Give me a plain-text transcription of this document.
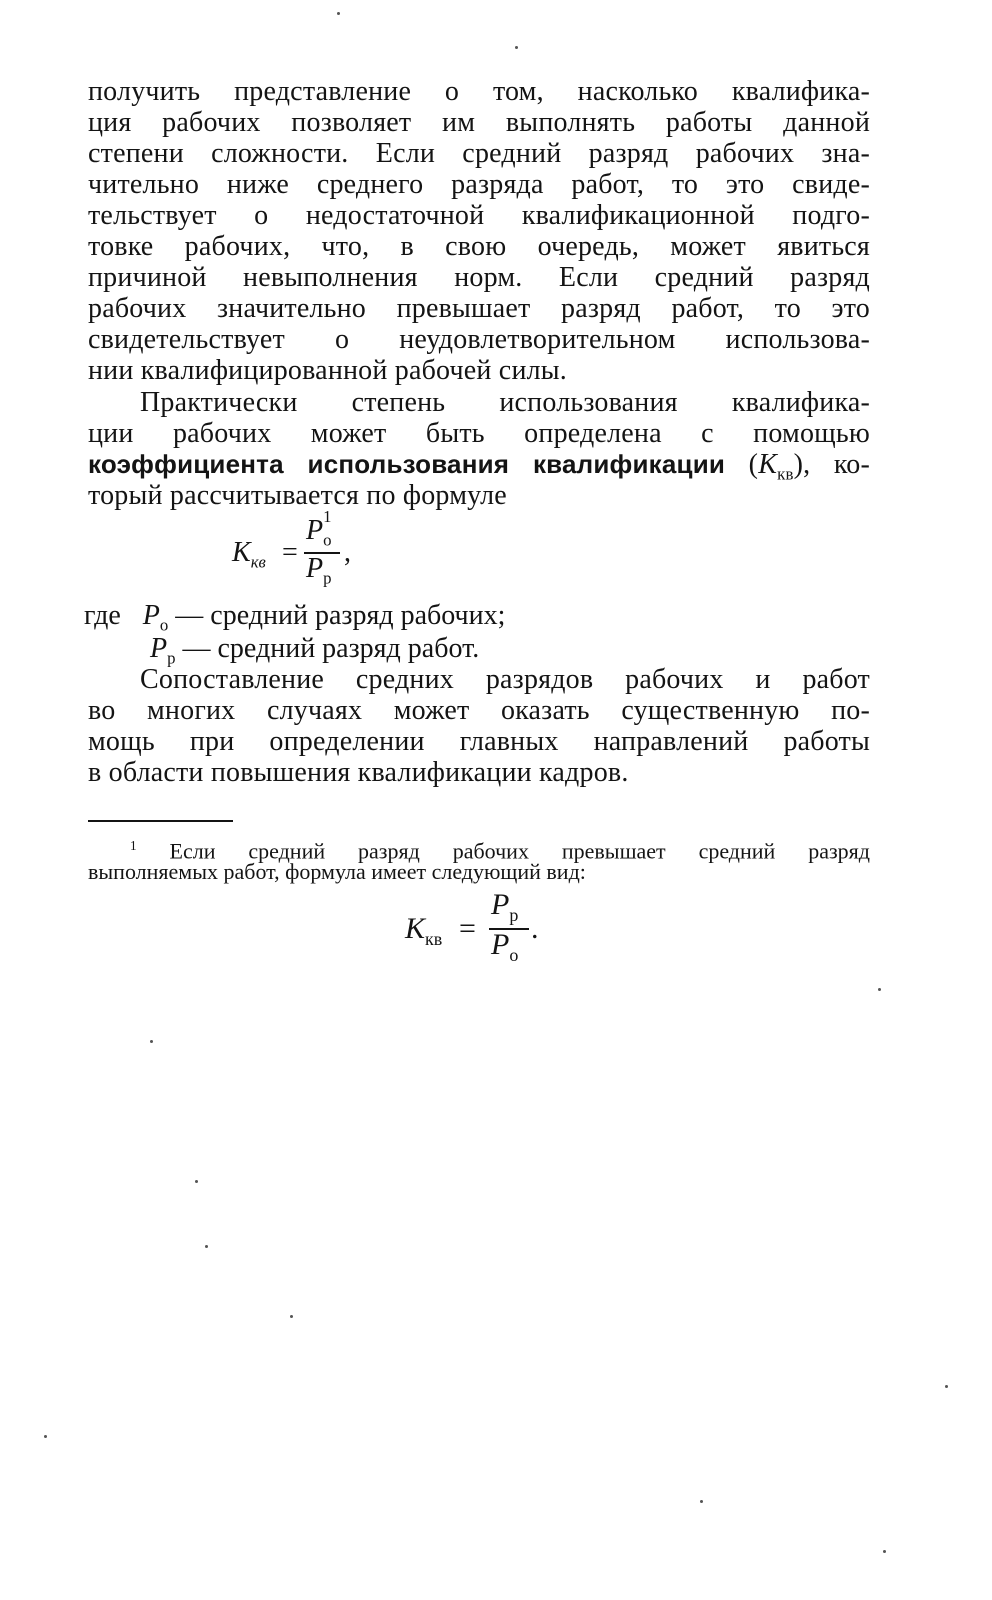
получить представление о том, насколько квалифика-
ция рабочих позволяет им выполнять работы данной
степени сложности. Если средний разряд рабочих зна-
чительно ниже среднего разряда работ, то это свиде-
тельствует о недостаточной квалификационной подго-
товке рабочих, что, в свою очередь, может явиться
причиной невыполнения норм. Если средний разряд
рабочих значительно превышает разряд работ, то это
свидетельствует о неудовлетворительном использова-
нии квалифицированной рабочей силы.
Практически степень использования квалифика-
ции рабочих может быть определена с помощью
коэффициента использования квалификации $(K_{кв})$, ко-
торый рассчитывается по формуле
$K_{кв}$ =
P 1
$_о$
$P_р$
,
где $P_о$ — средний разряд рабочих;
$P_р$ — средний разряд работ.
Сопоставление средних разрядов рабочих и работ
во многих случаях может оказать существенную по-
мощь при определении главных направлений работы
в области повышения квалификации кадров.
$^1$ Если средний разряд рабочих превышает средний разряд
выполняемых работ, формула имеет следующий вид:
$K_{кв}$ =
$P_р$
$P_о$
.
